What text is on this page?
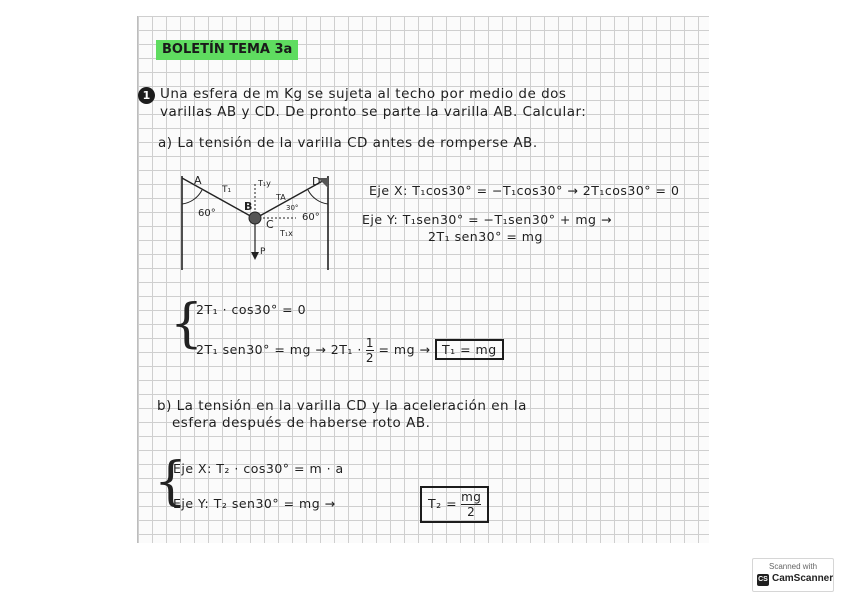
BOLETÍN TEMA 3a
1 Una esfera de m Kg se sujeta al techo por medio de dos
varillas AB y CD. De pronto se parte la varilla AB. Calcular:
a) La tensión de la varilla CD antes de romperse AB.
A	D
B
C
T₁
T₁y
TA
T₁x
60°	60°
30°
P
Eje X: T₁cos30° = −T₁cos30° → 2T₁cos30° = 0
Eje Y: T₁sen30° = −T₁sen30° + mg →
2T₁ sen30° = mg
{
2T₁ · cos30° = 0
2T₁ sen30° = mg → $2T_1 \cdot \frac{1}{2}$ = mg → T₁ = mg
b) La tensión en la varilla CD y la aceleración en la
esfera después de haberse roto AB.
{
Eje X: T₂ · cos30° = m · a
Eje Y: T₂ sen30° = mg →	$T_2 = \frac{mg}{2}$
Scanned with
CS CamScanner
